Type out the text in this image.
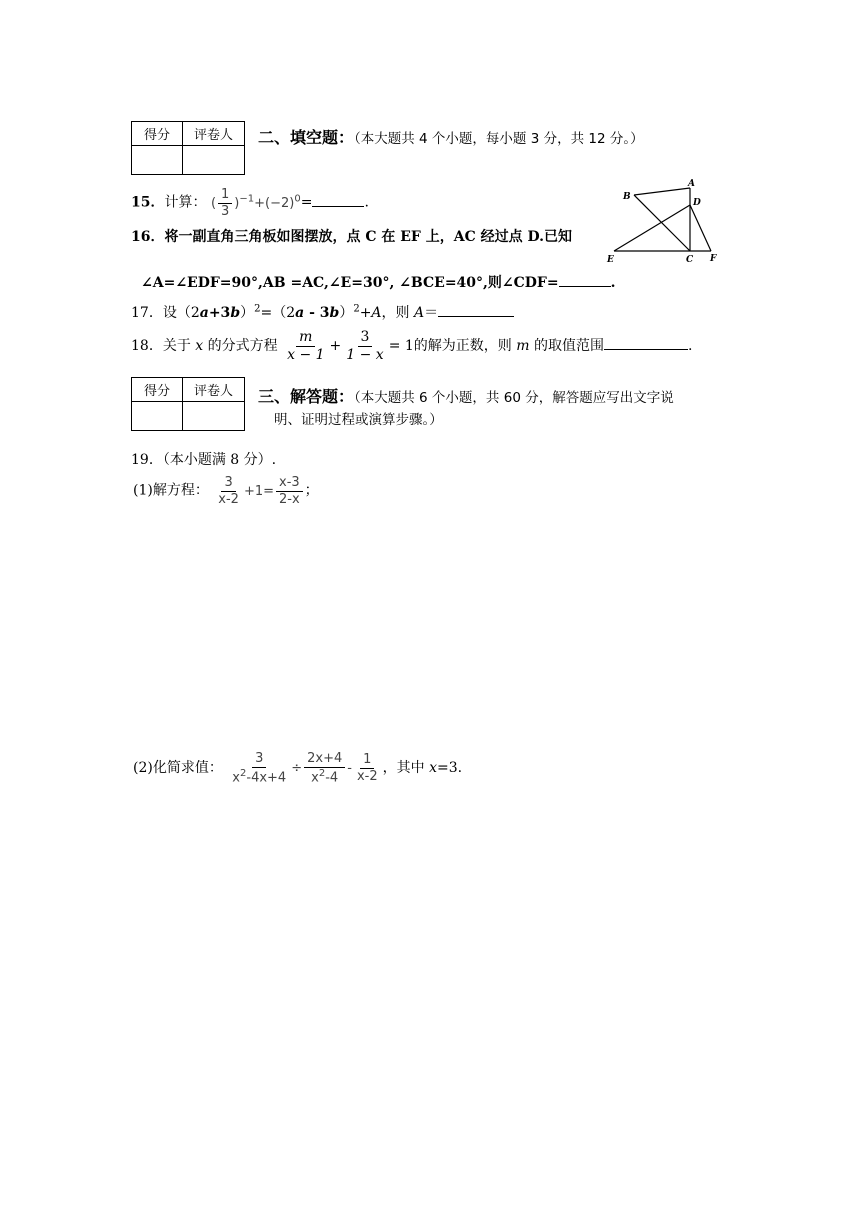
得分	评卷人
	二、填空题：（本大题共 4 个小题，每小题 3 分，共 12 分。）
15．计算： ( $\frac{1}{3} )^{-1}+(-2)^0=$	.
A
B
D
E	C F
16．将一副直角三角板如图摆放，点 C 在 EF 上，AC 经过点 D.已知
∠A=∠EDF=90°,AB =AC,∠E=30°, ∠BCE=40°,则∠CDF=	.
17．设$(2a+3b)^2=(2a - 3b)^2+A$，则 A＝
18．关于 x 的分式方程 $\frac{m}{x - 1} + \frac{3}{1 - x} = 1$的解为正数，则 m 的取值范围	.
得分	评卷人
	三、解答题：（本大题共 6 个小题，共 60 分，解答题应写出文字说
明、证明过程或演算步骤。）
19．（本小题满 8 分）.
(1)解方程： $\frac{3}{x-2} +1= \frac{x-3}{2-x}$ ；
(2)化简求值： $\frac{3}{x^2-4x+4} \div \frac{2x+4}{x^2-4} - \frac{1}{x-2}$ ，其中 x=3.
